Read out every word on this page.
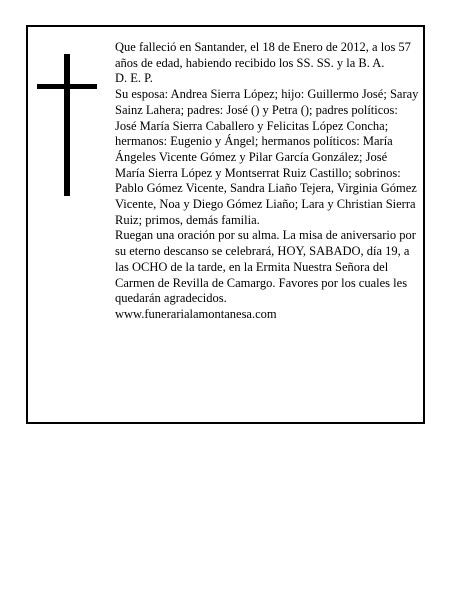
Que falleció en Santander, el 18 de Enero de 2012, a los 57 años de edad, habiendo recibido los SS. SS. y la B. A.

D. E. P.

Su esposa: Andrea Sierra López; hijo: Guillermo José; Saray Sainz Lahera; padres: José () y Petra (); padres políticos: José María Sierra Caballero y Felicitas López Concha; hermanos: Eugenio y Ángel; hermanos políticos: María Ángeles Vicente Gómez y Pilar García González; José María Sierra López y Montserrat Ruiz Castillo; sobrinos: Pablo Gómez Vicente, Sandra Liaño Tejera, Virginia Gómez Vicente, Noa y Diego Gómez Liaño; Lara y Christian Sierra Ruiz; primos, demás familia.

Ruegan una oración por su alma. La misa de aniversario por su eterno descanso se celebrará, HOY, SABADO, día 19, a las OCHO de la tarde, en la Ermita Nuestra Señora del Carmen de Revilla de Camargo. Favores por los cuales les quedarán agradecidos.

www.funerarialamontanesa.com
